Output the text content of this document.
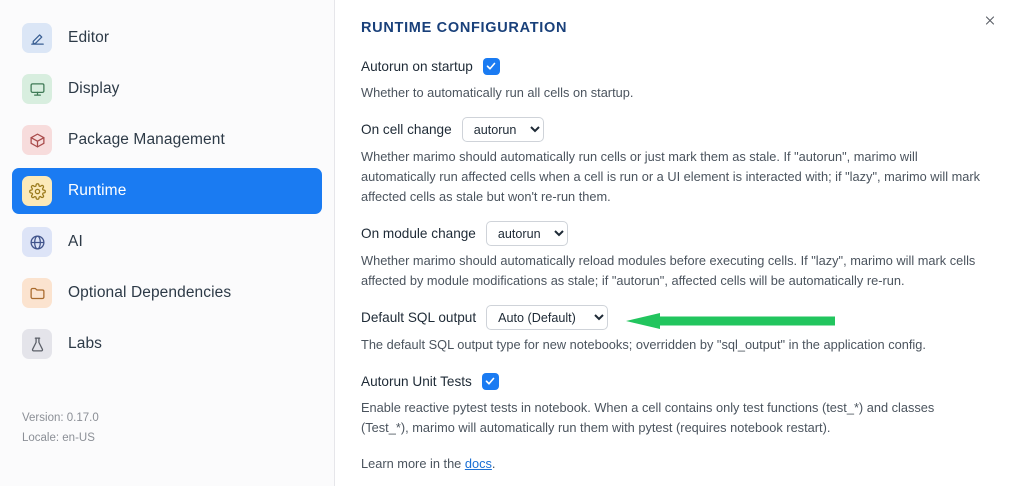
Editor
Display
Package Management
Runtime
AI
Optional Dependencies
Labs
Version: 0.17.0
Locale: en-US
RUNTIME CONFIGURATION
Autorun on startup
Whether to automatically run all cells on startup.
On cell change
autorun
Whether marimo should automatically run cells or just mark them as stale. If "autorun", marimo will automatically run affected cells when a cell is run or a UI element is interacted with; if "lazy", marimo will mark affected cells as stale but won't re-run them.
On module change
autorun
Whether marimo should automatically reload modules before executing cells. If "lazy", marimo will mark cells affected by module modifications as stale; if "autorun", affected cells will be automatically re-run.
Default SQL output
Auto (Default)
The default SQL output type for new notebooks; overridden by "sql_output" in the application config.
Autorun Unit Tests
Enable reactive pytest tests in notebook. When a cell contains only test functions (test_*) and classes (Test_*), marimo will automatically run them with pytest (requires notebook restart).
Learn more in the docs.
